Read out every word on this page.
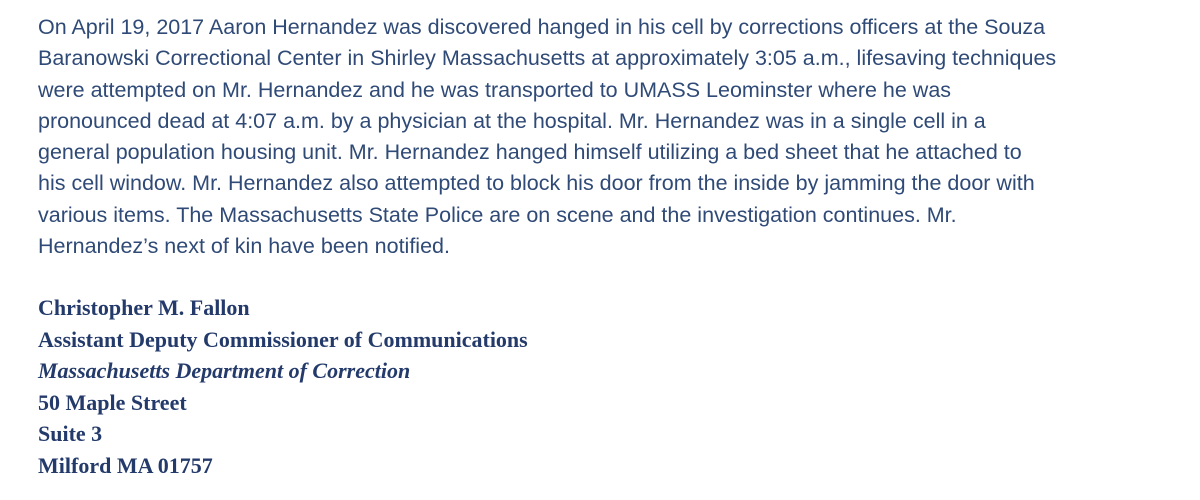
On April 19, 2017 Aaron Hernandez was discovered hanged in his cell by corrections officers at the Souza
Baranowski Correctional Center in Shirley Massachusetts at approximately 3:05 a.m., lifesaving techniques
were attempted on Mr. Hernandez and he was transported to UMASS Leominster where he was
pronounced dead at 4:07 a.m. by a physician at the hospital. Mr. Hernandez was in a single cell in a
general population housing unit. Mr. Hernandez hanged himself utilizing a bed sheet that he attached to
his cell window. Mr. Hernandez also attempted to block his door from the inside by jamming the door with
various items. The Massachusetts State Police are on scene and the investigation continues. Mr.
Hernandez’s next of kin have been notified.
Christopher M. Fallon
Assistant Deputy Commissioner of Communications
Massachusetts Department of Correction
50 Maple Street
Suite 3
Milford MA 01757
